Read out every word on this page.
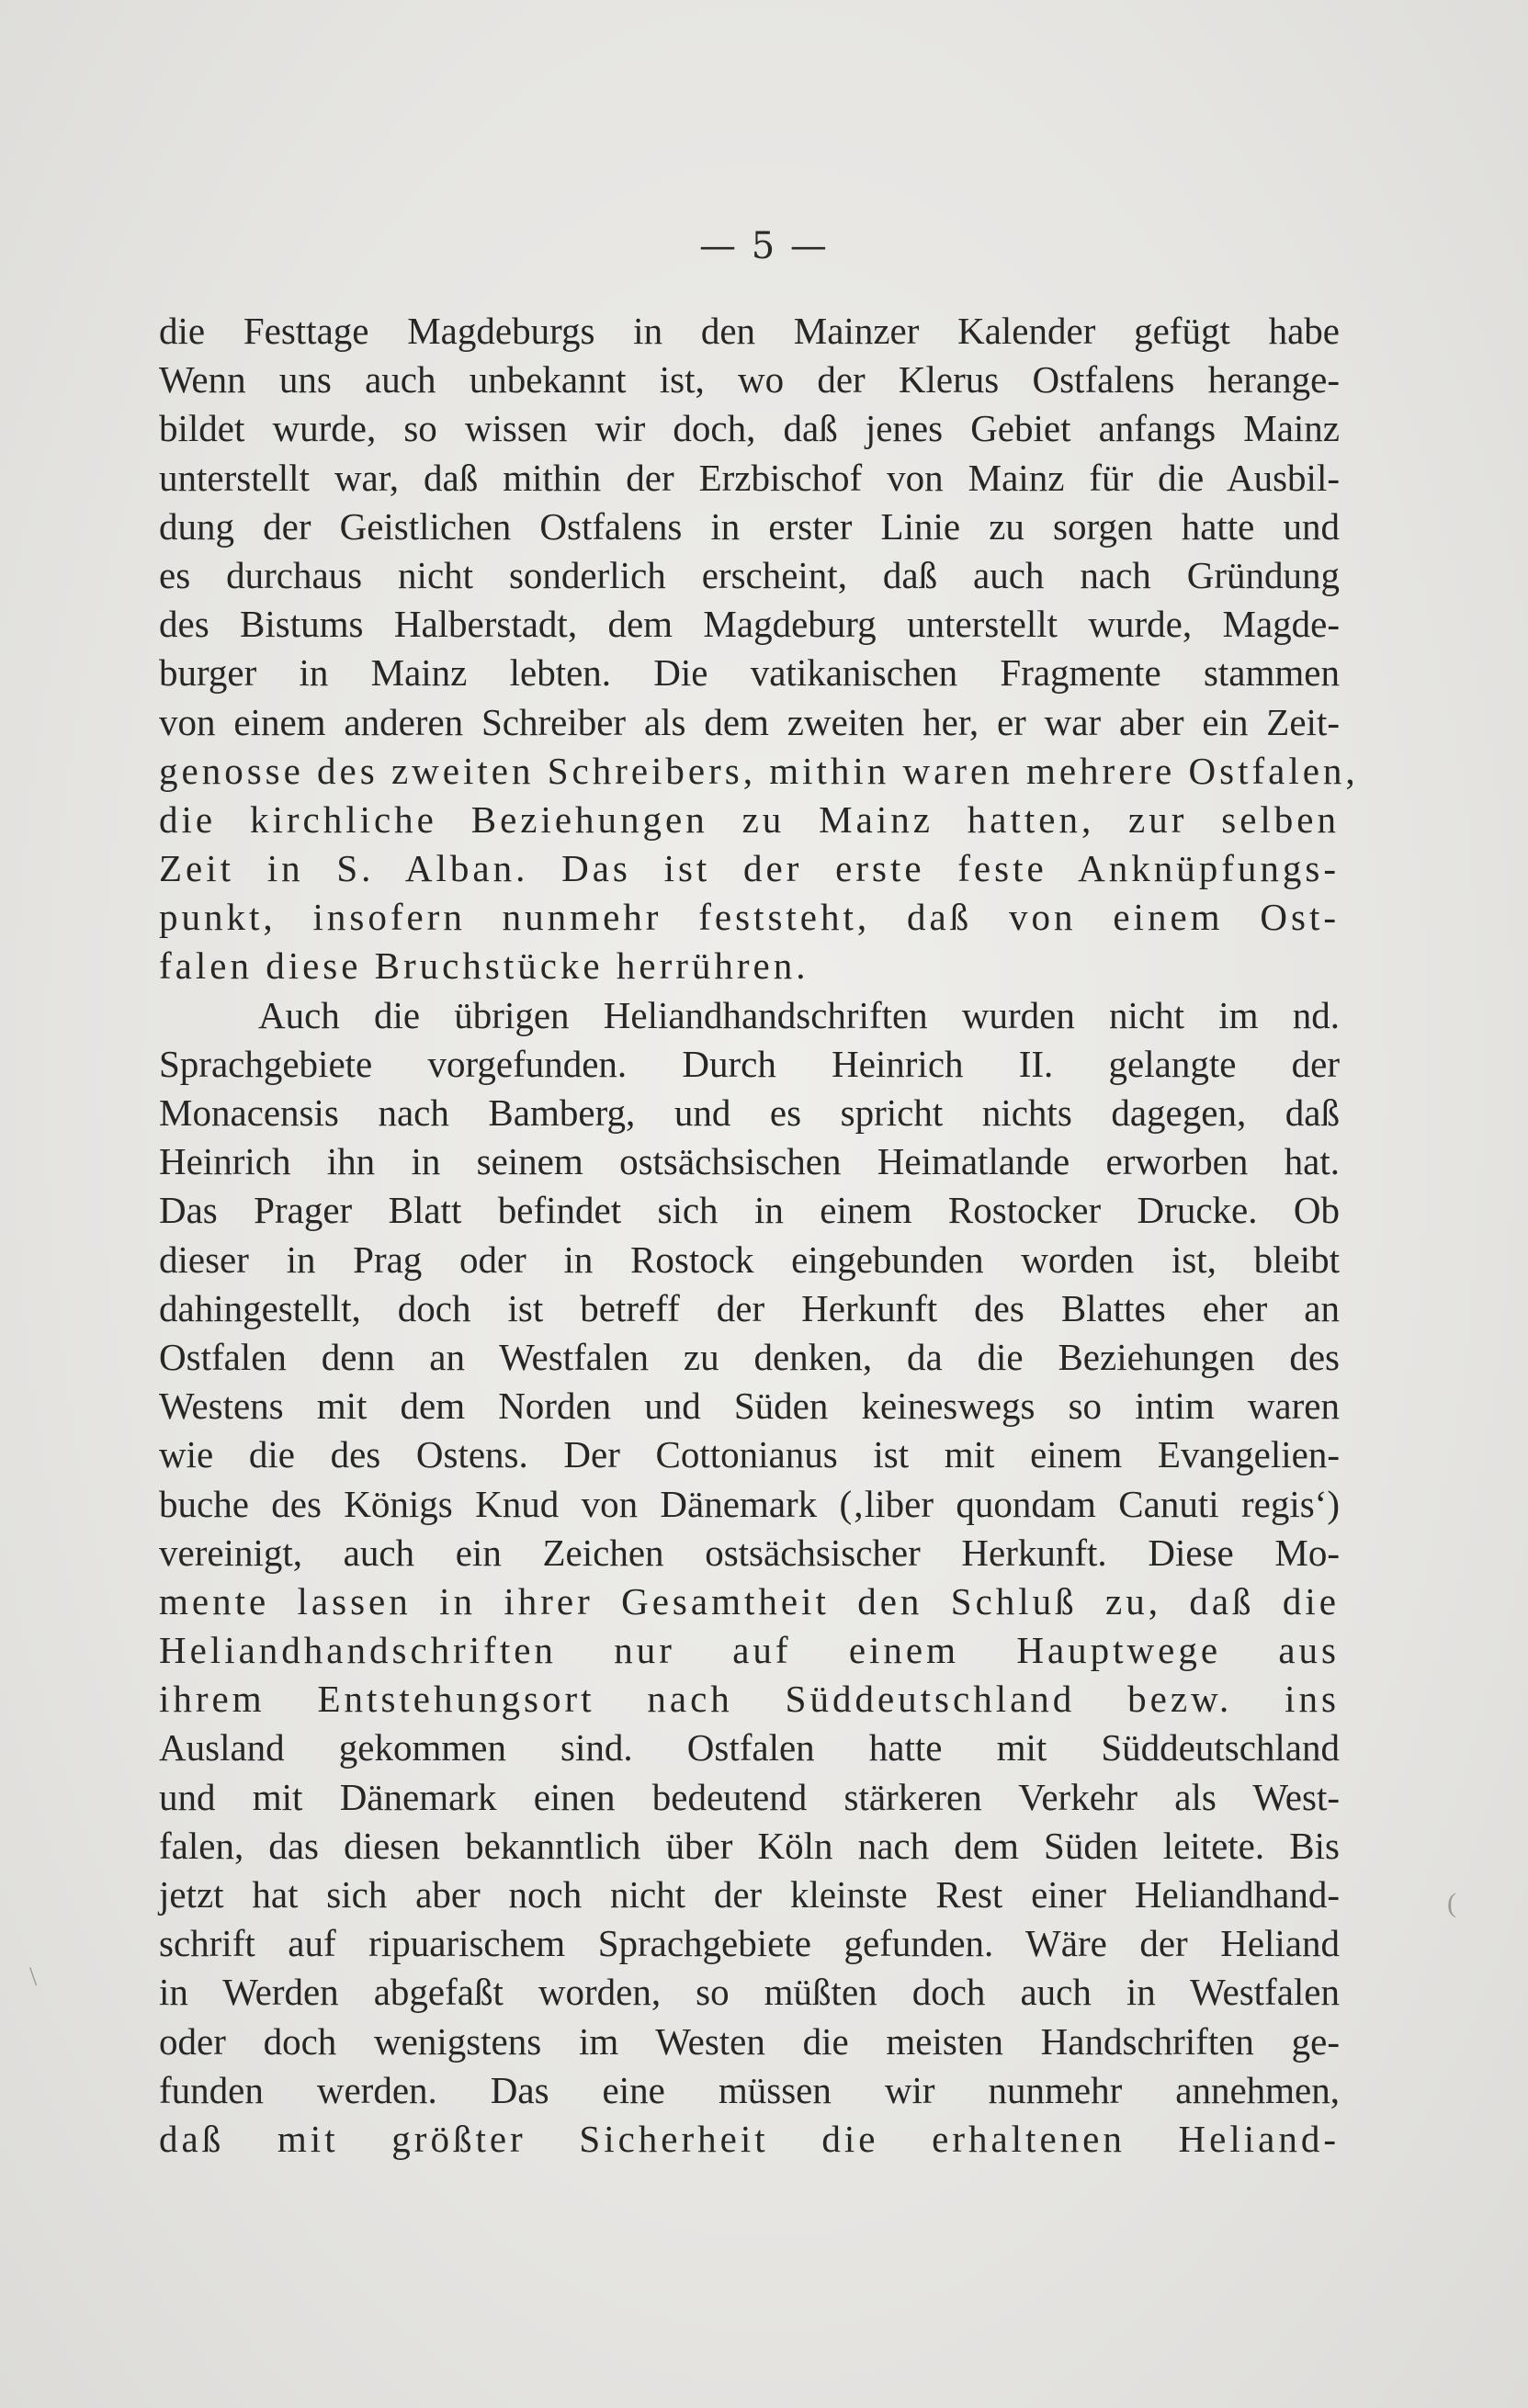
— 5 —
die Festtage Magdeburgs in den Mainzer Kalender gefügt habe
Wenn uns auch unbekannt ist, wo der Klerus Ostfalens herange-
bildet wurde, so wissen wir doch, daß jenes Gebiet anfangs Mainz
unterstellt war, daß mithin der Erzbischof von Mainz für die Ausbil-
dung der Geistlichen Ostfalens in erster Linie zu sorgen hatte und
es durchaus nicht sonderlich erscheint, daß auch nach Gründung
des Bistums Halberstadt, dem Magdeburg unterstellt wurde, Magde-
burger in Mainz lebten. Die vatikanischen Fragmente stammen
von einem anderen Schreiber als dem zweiten her, er war aber ein Zeit-
genosse des zweiten Schreibers, mithin waren mehrere Ostfalen,
die kirchliche Beziehungen zu Mainz hatten, zur selben
Zeit in S. Alban. Das ist der erste feste Anknüpfungs-
punkt, insofern nunmehr feststeht, daß von einem Ost-
falen diese Bruchstücke herrühren.
Auch die übrigen Heliandhandschriften wurden nicht im nd.
Sprachgebiete vorgefunden. Durch Heinrich II. gelangte der
Monacensis nach Bamberg, und es spricht nichts dagegen, daß
Heinrich ihn in seinem ostsächsischen Heimatlande erworben hat.
Das Prager Blatt befindet sich in einem Rostocker Drucke. Ob
dieser in Prag oder in Rostock eingebunden worden ist, bleibt
dahingestellt, doch ist betreff der Herkunft des Blattes eher an
Ostfalen denn an Westfalen zu denken, da die Beziehungen des
Westens mit dem Norden und Süden keineswegs so intim waren
wie die des Ostens. Der Cottonianus ist mit einem Evangelien-
buche des Königs Knud von Dänemark (‚liber quondam Canuti regis‘)
vereinigt, auch ein Zeichen ostsächsischer Herkunft. Diese Mo-
mente lassen in ihrer Gesamtheit den Schluß zu, daß die
Heliandhandschriften nur auf einem Hauptwege aus
ihrem Entstehungsort nach Süddeutschland bezw. ins
Ausland gekommen sind. Ostfalen hatte mit Süddeutschland
und mit Dänemark einen bedeutend stärkeren Verkehr als West-
falen, das diesen bekanntlich über Köln nach dem Süden leitete. Bis
jetzt hat sich aber noch nicht der kleinste Rest einer Heliandhand-
schrift auf ripuarischem Sprachgebiete gefunden. Wäre der Heliand
in Werden abgefaßt worden, so müßten doch auch in Westfalen
oder doch wenigstens im Westen die meisten Handschriften ge-
funden werden. Das eine müssen wir nunmehr annehmen,
daß mit größter Sicherheit die erhaltenen Heliand-
(
\
